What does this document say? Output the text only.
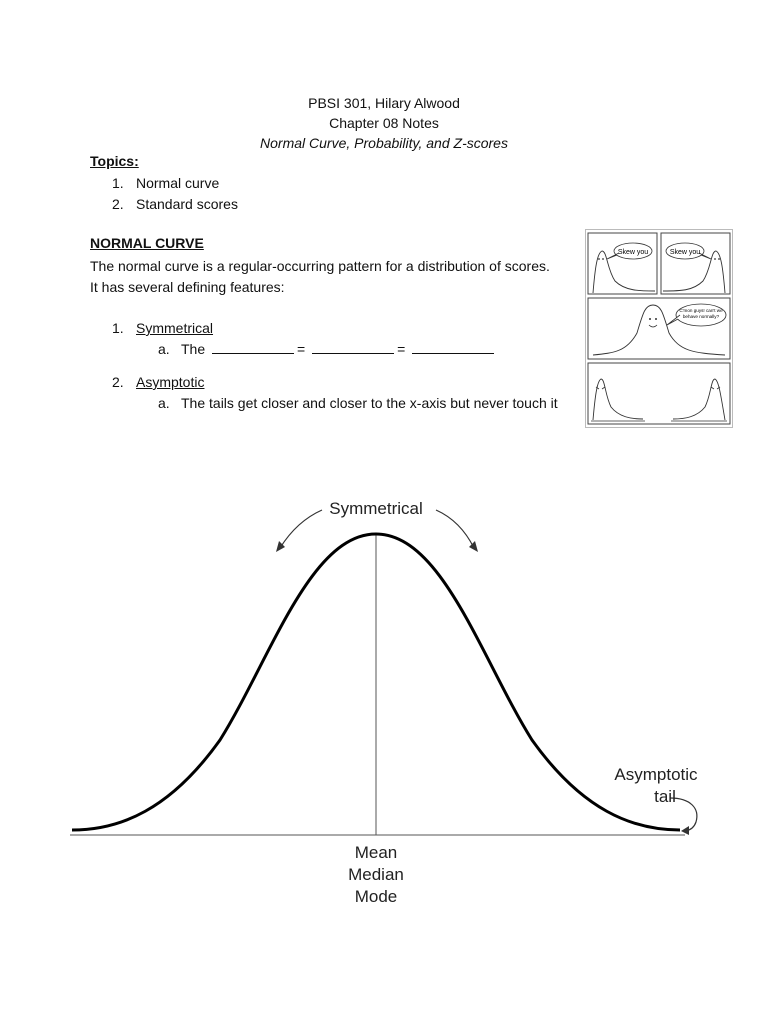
PBSI 301, Hilary Alwood
Chapter 08 Notes
Normal Curve, Probability, and Z-scores
Topics:
1. Normal curve
2. Standard scores
NORMAL CURVE
The normal curve is a regular-occurring pattern for a distribution of scores. It has several defining features:
1. Symmetrical
a. The	=	=
2. Asymptotic
a. The tails get closer and closer to the x-axis but never touch it
Skew you	Skew you
C'mon guys! can't we behave normally?
Symmetrical
Mean
Median
Mode
Asymptotic
tail
